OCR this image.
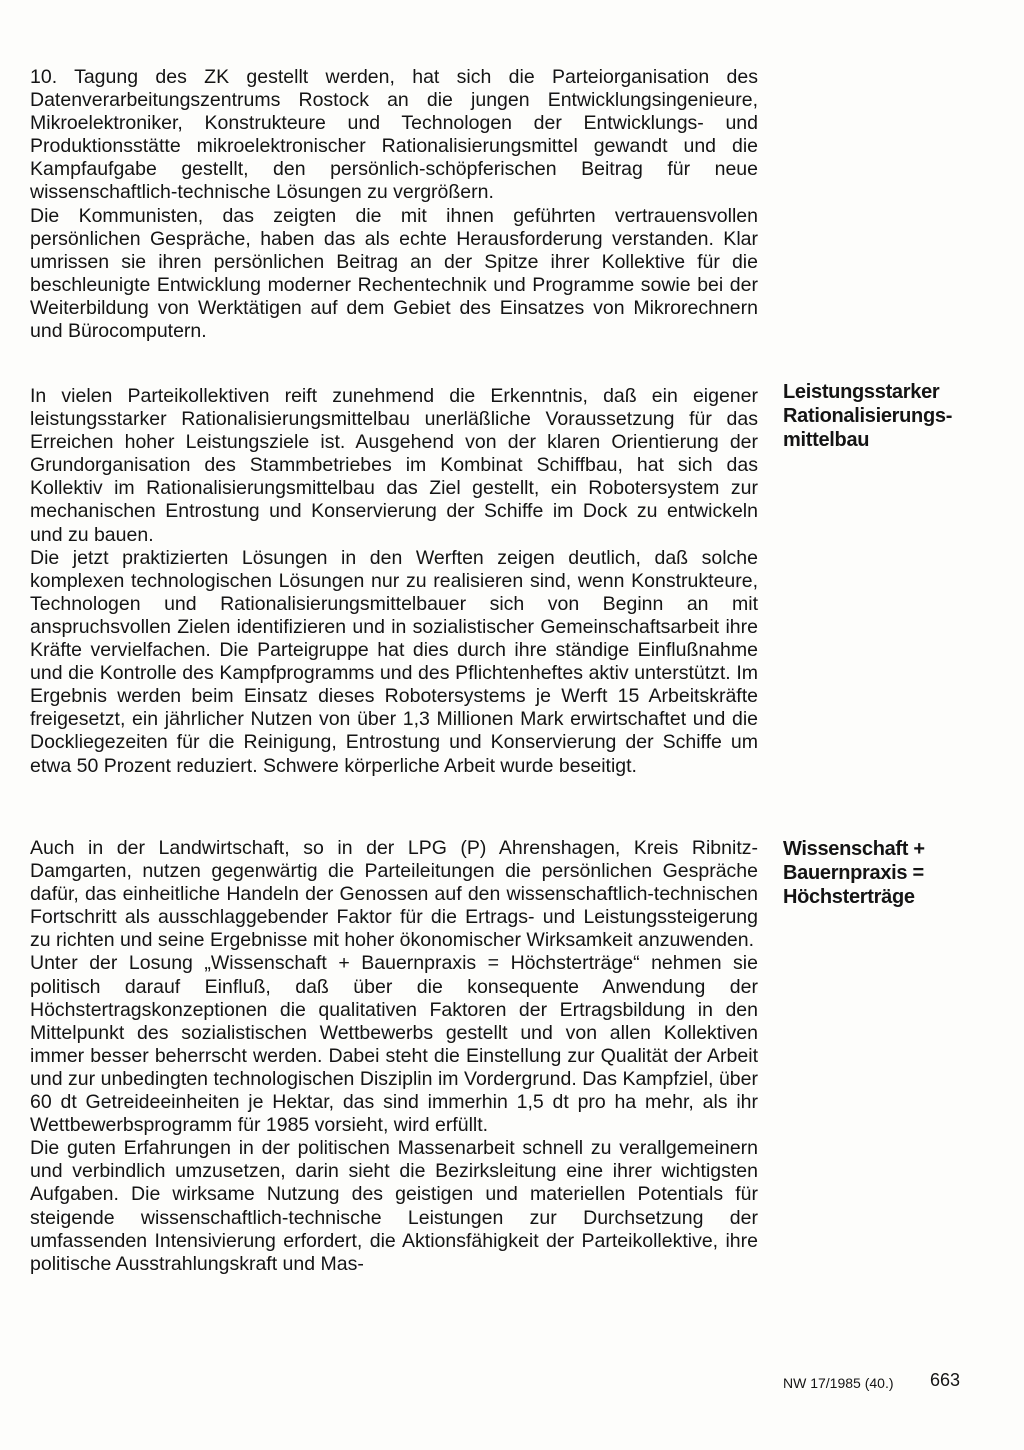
10. Tagung des ZK gestellt werden, hat sich die Parteiorganisation des Datenverarbeitungszentrums Rostock an die jungen Entwicklungsingenieure, Mikroelektroniker, Konstrukteure und Technologen der Entwicklungs- und Produktionsstätte mikroelektronischer Rationalisierungsmittel gewandt und die Kampfaufgabe gestellt, den persönlich-schöpferischen Beitrag für neue wissenschaftlich-technische Lösungen zu vergrößern.

Die Kommunisten, das zeigten die mit ihnen geführten vertrauensvollen persönlichen Gespräche, haben das als echte Herausforderung verstanden. Klar umrissen sie ihren persönlichen Beitrag an der Spitze ihrer Kollektive für die beschleunigte Entwicklung moderner Rechentechnik und Programme sowie bei der Weiterbildung von Werktätigen auf dem Gebiet des Einsatzes von Mikrorechnern und Bürocomputern.

Leistungsstarker
Rationalisierungs-
mittelbau

In vielen Parteikollektiven reift zunehmend die Erkenntnis, daß ein eigener leistungsstarker Rationalisierungsmittelbau unerläßliche Voraussetzung für das Erreichen hoher Leistungsziele ist. Ausgehend von der klaren Orientierung der Grundorganisation des Stammbetriebes im Kombinat Schiffbau, hat sich das Kollektiv im Rationalisierungsmittelbau das Ziel gestellt, ein Robotersystem zur mechanischen Entrostung und Konservierung der Schiffe im Dock zu entwickeln und zu bauen.

Die jetzt praktizierten Lösungen in den Werften zeigen deutlich, daß solche komplexen technologischen Lösungen nur zu realisieren sind, wenn Konstrukteure, Technologen und Rationalisierungsmittelbauer sich von Beginn an mit anspruchsvollen Zielen identifizieren und in sozialistischer Gemeinschaftsarbeit ihre Kräfte vervielfachen. Die Parteigruppe hat dies durch ihre ständige Einflußnahme und die Kontrolle des Kampfprogramms und des Pflichtenheftes aktiv unterstützt. Im Ergebnis werden beim Einsatz dieses Robotersystems je Werft 15 Arbeitskräfte freigesetzt, ein jährlicher Nutzen von über 1,3 Millionen Mark erwirtschaftet und die Dockliegezeiten für die Reinigung, Entrostung und Konservierung der Schiffe um etwa 50 Prozent reduziert. Schwere körperliche Arbeit wurde beseitigt.

Wissenschaft +
Bauernpraxis =
Höchsterträge

Auch in der Landwirtschaft, so in der LPG (P) Ahrenshagen, Kreis Ribnitz-Damgarten, nutzen gegenwärtig die Parteileitungen die persönlichen Gespräche dafür, das einheitliche Handeln der Genossen auf den wissenschaftlich-technischen Fortschritt als ausschlaggebender Faktor für die Ertrags- und Leistungssteigerung zu richten und seine Ergebnisse mit hoher ökonomischer Wirksamkeit anzuwenden.

Unter der Losung „Wissenschaft + Bauernpraxis = Höchsterträge“ nehmen sie politisch darauf Einfluß, daß über die konsequente Anwendung der Höchstertragskonzeptionen die qualitativen Faktoren der Ertragsbildung in den Mittelpunkt des sozialistischen Wettbewerbs gestellt und von allen Kollektiven immer besser beherrscht werden. Dabei steht die Einstellung zur Qualität der Arbeit und zur unbedingten technologischen Disziplin im Vordergrund. Das Kampfziel, über 60 dt Getreideeinheiten je Hektar, das sind immerhin 1,5 dt pro ha mehr, als ihr Wettbewerbsprogramm für 1985 vorsieht, wird erfüllt.

Die guten Erfahrungen in der politischen Massenarbeit schnell zu verallgemeinern und verbindlich umzusetzen, darin sieht die Bezirksleitung eine ihrer wichtigsten Aufgaben. Die wirksame Nutzung des geistigen und materiellen Potentials für steigende wissenschaftlich-technische Leistungen zur Durchsetzung der umfassenden Intensivierung erfordert, die Aktionsfähigkeit der Parteikollektive, ihre politische Ausstrahlungskraft und Mas-

NW 17/1985 (40.) 663
